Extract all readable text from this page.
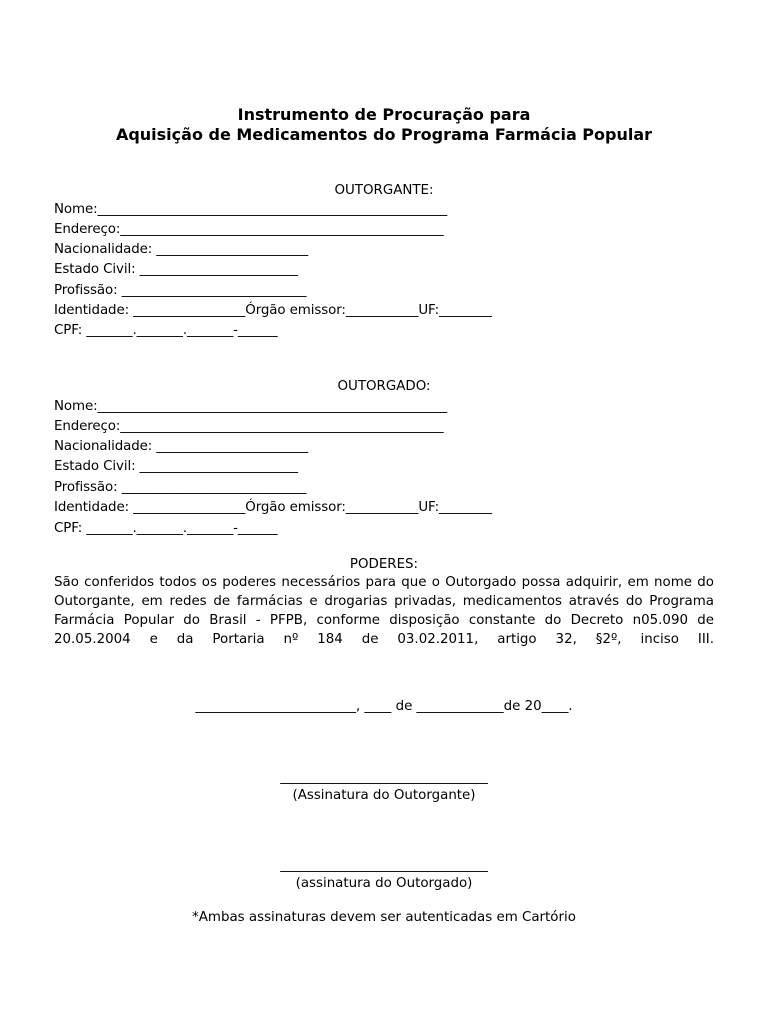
Instrumento de Procuração para
Aquisição de Medicamentos do Programa Farmácia Popular
OUTORGANTE:
Nome:_____________________________________________________
Endereço:_________________________________________________
Nacionalidade: _______________________
Estado Civil: ________________________
Profissão: ____________________________
Identidade: _________________Órgão emissor:___________UF:________
CPF: _______._______._______-______
OUTORGADO:
Nome:_____________________________________________________
Endereço:_________________________________________________
Nacionalidade: _______________________
Estado Civil: ________________________
Profissão: ____________________________
Identidade: _________________Órgão emissor:___________UF:________
CPF: _______._______._______-______
PODERES:
São conferidos todos os poderes necessários para que o Outorgado possa adquirir, em nome do
Outorgante, em redes de farmácias e drogarias privadas, medicamentos através do Programa
Farmácia Popular do Brasil - PFPB, conforme disposição constante do Decreto n05.090 de
20.05.2004 e da Portaria nº 184 de 03.02.2011, artigo 32, §2º, inciso III.
________________________, ____ de _____________de 20____.
_______________________________
(Assinatura do Outorgante)
_______________________________
(assinatura do Outorgado)
*Ambas assinaturas devem ser autenticadas em Cartório
